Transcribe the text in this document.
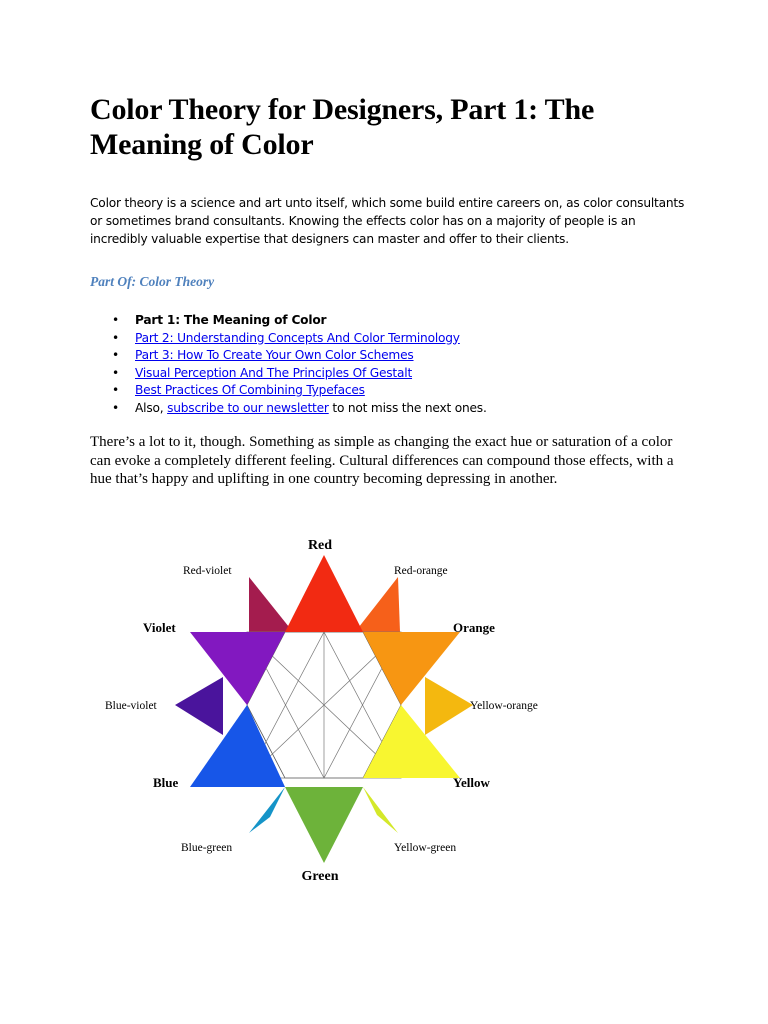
Color Theory for Designers, Part 1: The Meaning of Color

Color theory is a science and art unto itself, which some build entire careers on, as color consultants or sometimes brand consultants. Knowing the effects color has on a majority of people is an incredibly valuable expertise that designers can master and offer to their clients.

Part Of: Color Theory

• Part 1: The Meaning of Color
• Part 2: Understanding Concepts And Color Terminology
• Part 3: How To Create Your Own Color Schemes
• Visual Perception And The Principles Of Gestalt
• Best Practices Of Combining Typefaces
• Also, subscribe to our newsletter to not miss the next ones.

There’s a lot to it, though. Something as simple as changing the exact hue or saturation of a color can evoke a completely different feeling. Cultural differences can compound those effects, with a hue that’s happy and uplifting in one country becoming depressing in another.

Red
Orange
Yellow
Green
Blue
Violet
Red-orange
Yellow-orange
Yellow-green
Blue-green
Blue-violet
Red-violet
